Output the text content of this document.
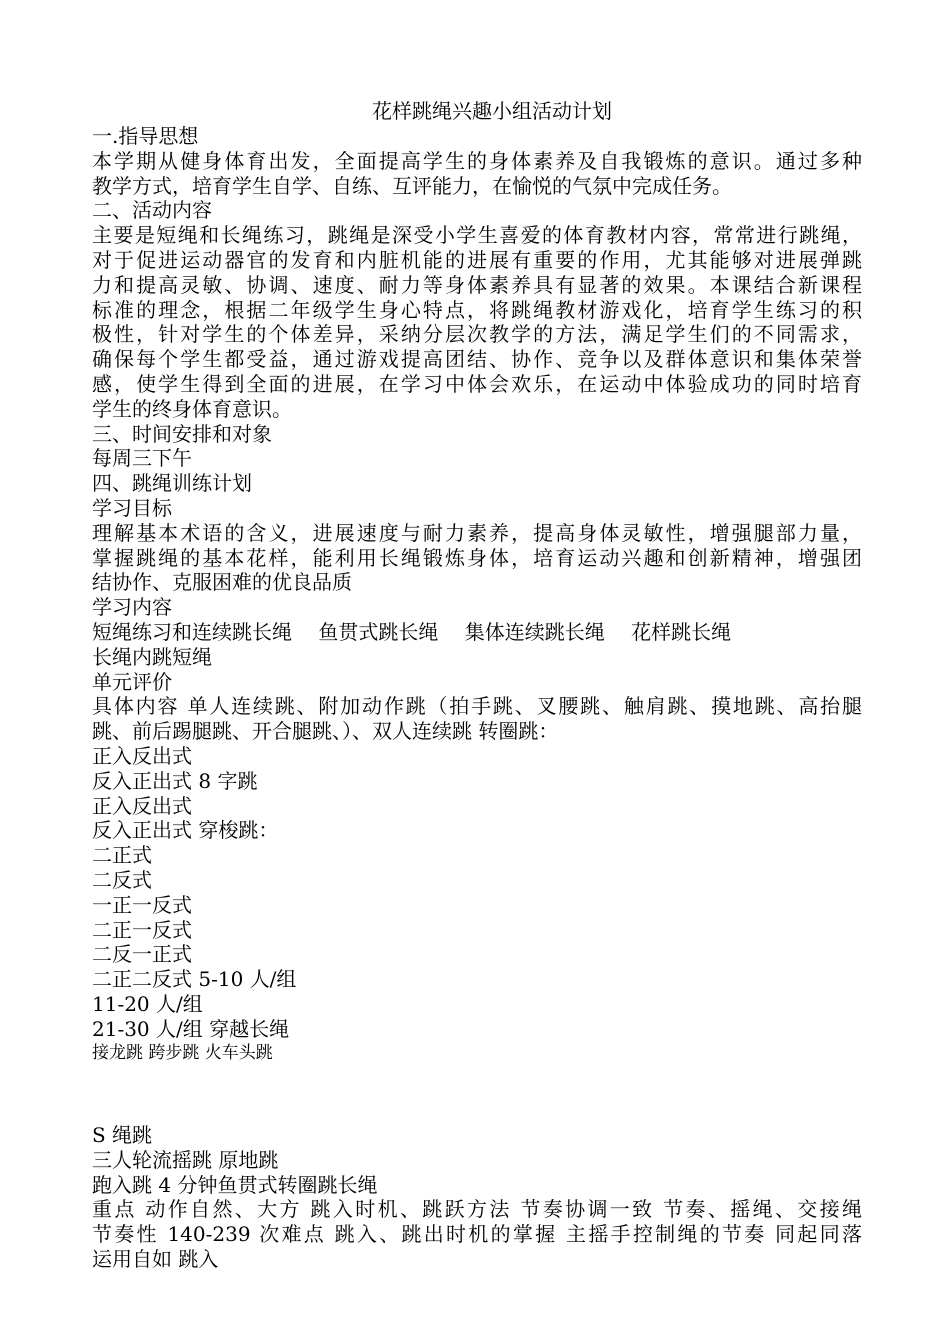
花样跳绳兴趣小组活动计划

一.指导思想

本学期从健身体育出发，全面提高学生的身体素养及自我锻炼的意识。通过多种

教学方式，培育学生自学、自练、互评能力，在愉悦的气氛中完成任务。

二、活动内容

主要是短绳和长绳练习，跳绳是深受小学生喜爱的体育教材内容，常常进行跳绳，

对于促进运动器官的发育和内脏机能的进展有重要的作用，尤其能够对进展弹跳

力和提高灵敏、协调、速度、耐力等身体素养具有显著的效果。本课结合新课程

标准的理念，根据二年级学生身心特点，将跳绳教材游戏化，培育学生练习的积

极性，针对学生的个体差异，采纳分层次教学的方法，满足学生们的不同需求，

确保每个学生都受益，通过游戏提高团结、协作、竞争以及群体意识和集体荣誉

感，使学生得到全面的进展，在学习中体会欢乐，在运动中体验成功的同时培育

学生的终身体育意识。

三、时间安排和对象

每周三下午

四、跳绳训练计划

学习目标

理解基本术语的含义，进展速度与耐力素养，提高身体灵敏性，增强腿部力量，

掌握跳绳的基本花样，能利用长绳锻炼身体，培育运动兴趣和创新精神，增强团

结协作、克服困难的优良品质

学习内容

短绳练习和连续跳长绳　 鱼贯式跳长绳　 集体连续跳长绳　 花样跳长绳

长绳内跳短绳

单元评价

具体内容 单人连续跳、附加动作跳（拍手跳、叉腰跳、触肩跳、摸地跳、高抬腿

跳、前后踢腿跳、开合腿跳、）、双人连续跳 转圈跳：

正入反出式

反入正出式 8 字跳

正入反出式

反入正出式 穿梭跳：

二正式

二反式

一正一反式

二正一反式

二反一正式

二正二反式 5-10 人/组

11-20 人/组

21-30 人/组 穿越长绳

接龙跳 跨步跳 火车头跳

S 绳跳

三人轮流摇跳 原地跳

跑入跳 4 分钟鱼贯式转圈跳长绳

重点 动作自然、大方 跳入时机、跳跃方法 节奏协调一致 节奏、摇绳、交接绳

节奏性 140-239 次难点 跳入、跳出时机的掌握 主摇手控制绳的节奏 同起同落

运用自如 跳入
